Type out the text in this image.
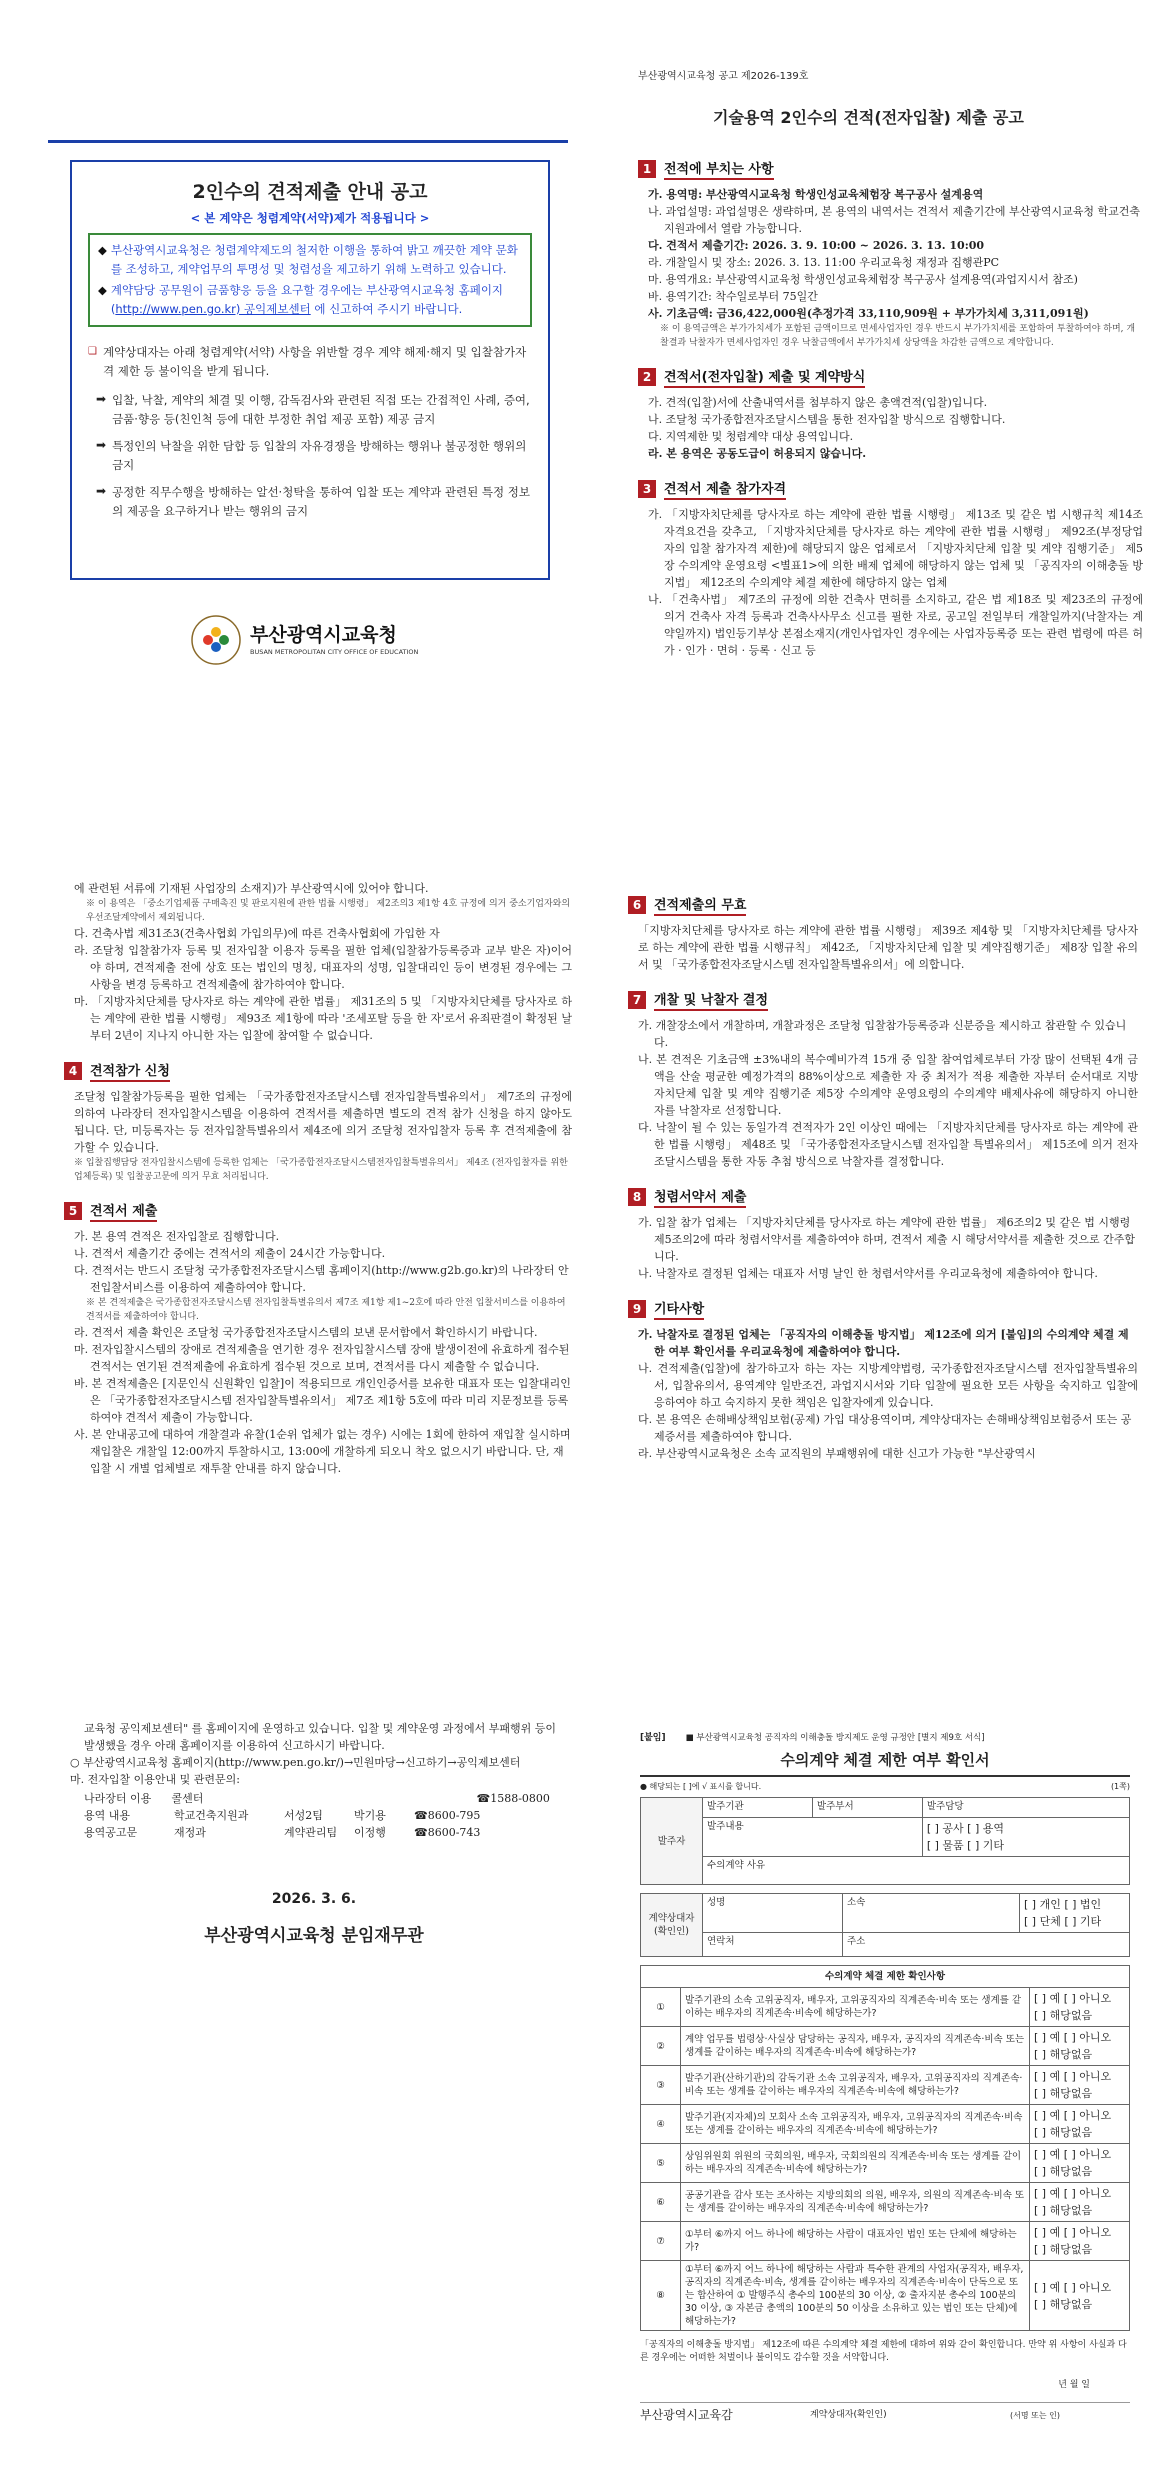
2인수의 견적제출 안내 공고
< 본 계약은 청렴계약(서약)제가 적용됩니다 >
◆ 부산광역시교육청은 청렴계약제도의 철저한 이행을 통하여 밝고 깨끗한 계약 문화를 조성하고, 계약업무의 투명성 및 청렴성을 제고하기 위해 노력하고 있습니다.
◆ 계약담당 공무원이 금품향응 등을 요구할 경우에는 부산광역시교육청 홈페이지(http://www.pen.go.kr) 공익제보센터 에 신고하여 주시기 바랍니다.
❑ 계약상대자는 아래 청렴계약(서약) 사항을 위반할 경우 계약 해제·해지 및 입찰참가자격 제한 등 불이익을 받게 됩니다.
➡ 입찰, 낙찰, 계약의 체결 및 이행, 감독검사와 관련된 직접 또는 간접적인 사례, 증여, 금품·향응 등(친인척 등에 대한 부정한 취업 제공 포함) 제공 금지
➡ 특정인의 낙찰을 위한 담합 등 입찰의 자유경쟁을 방해하는 행위나 불공정한 행위의 금지
➡ 공정한 직무수행을 방해하는 알선·청탁을 통하여 입찰 또는 계약과 관련된 특정 정보의 제공을 요구하거나 받는 행위의 금지
부산광역시교육청
BUSAN METROPOLITAN CITY OFFICE OF EDUCATION
부산광역시교육청 공고 제2026-139호
기술용역 2인수의 견적(전자입찰) 제출 공고
1 전적에 부치는 사항

가. 용역명: 부산광역시교육청 학생인성교육체험장 복구공사 설계용역

나. 과업설명: 과업설명은 생략하며, 본 용역의 내역서는 견적서 제출기간에 부산광역시교육청 학교건축지원과에서 열람 가능합니다.

다. 견적서 제출기간: 2026. 3. 9. 10:00 ~ 2026. 3. 13. 10:00

라. 개찰일시 및 장소: 2026. 3. 13. 11:00 우리교육청 재정과 집행관PC

마. 용역개요: 부산광역시교육청 학생인성교육체험장 복구공사 설계용역(과업지시서 참조)

바. 용역기간: 착수일로부터 75일간

사. 기초금액: 금36,422,000원(추정가격 33,110,909원 + 부가가치세 3,311,091원)

※ 이 용역금액은 부가가치세가 포함된 금액이므로 면세사업자인 경우 반드시 부가가치세를 포함하여 투찰하여야 하며, 개찰결과 낙찰자가 면세사업자인 경우 낙찰금액에서 부가가치세 상당액을 차감한 금액으로 계약합니다.

2 견적서(전자입찰) 제출 및 계약방식

가. 견적(입찰)서에 산출내역서를 첨부하지 않은 총액견적(입찰)입니다.

나. 조달청 국가종합전자조달시스템을 통한 전자입찰 방식으로 집행합니다.

다. 지역제한 및 청렴계약 대상 용역입니다.

라. 본 용역은 공동도급이 허용되지 않습니다.

3 견적서 제출 참가자격

가. 「지방자치단체를 당사자로 하는 계약에 관한 법률 시행령」 제13조 및 같은 법 시행규칙 제14조 자격요건을 갖추고, 「지방자치단체를 당사자로 하는 계약에 관한 법률 시행령」 제92조(부정당업자의 입찰 참가자격 제한)에 해당되지 않은 업체로서 「지방자치단체 입찰 및 계약 집행기준」 제5장 수의계약 운영요령 <별표1>에 의한 배제 업체에 해당하지 않는 업체 및 「공직자의 이해충돌 방지법」 제12조의 수의계약 체결 제한에 해당하지 않는 업체

나. 「건축사법」 제7조의 규정에 의한 건축사 면허를 소지하고, 같은 법 제18조 및 제23조의 규정에 의거 건축사 자격 등록과 건축사사무소 신고를 필한 자로, 공고일 전일부터 개찰일까지(낙찰자는 계약일까지) 법인등기부상 본점소재지(개인사업자인 경우에는 사업자등록증 또는 관련 법령에 따른 허가 · 인가 · 면허 · 등록 · 신고 등

에 관련된 서류에 기재된 사업장의 소재지)가 부산광역시에 있어야 합니다.

※ 이 용역은 「중소기업제품 구매촉진 및 판로지원에 관한 법률 시행령」 제2조의3 제1항 4호 규정에 의거 중소기업자와의 우선조달계약에서 제외됩니다.

다. 건축사법 제31조3(건축사협회 가입의무)에 따른 건축사협회에 가입한 자

라. 조달청 입찰참가자 등록 및 전자입찰 이용자 등록을 필한 업체(입찰참가등록증과 교부 받은 자)이어야 하며, 견적제출 전에 상호 또는 법인의 명칭, 대표자의 성명, 입찰대리인 등이 변경된 경우에는 그 사항을 변경 등록하고 견적제출에 참가하여야 합니다.

마. 「지방자치단체를 당사자로 하는 계약에 관한 법률」 제31조의 5 및 「지방자치단체를 당사자로 하는 계약에 관한 법률 시행령」 제93조 제1항에 따라 '조세포탈 등을 한 자'로서 유죄판결이 확정된 날부터 2년이 지나지 아니한 자는 입찰에 참여할 수 없습니다.

4 견적참가 신청

조달청 입찰참가등록을 필한 업체는 「국가종합전자조달시스템 전자입찰특별유의서」 제7조의 규정에 의하여 나라장터 전자입찰시스템을 이용하여 견적서를 제출하면 별도의 견적 참가 신청을 하지 않아도 됩니다. 단, 미등록자는 등 전자입찰특별유의서 제4조에 의거 조달청 전자입찰자 등록 후 견적제출에 참가할 수 있습니다.

※ 입찰집행담당 전자입찰시스템에 등록한 업체는 「국가종합전자조달시스템전자입찰특별유의서」 제4조 (전자입찰자를 위한 업체등록) 및 입찰공고문에 의거 무효 처리됩니다.

5 견적서 제출

가. 본 용역 견적은 전자입찰로 집행합니다.

나. 견적서 제출기간 중에는 견적서의 제출이 24시간 가능합니다.

다. 견적서는 반드시 조달청 국가종합전자조달시스템 홈페이지(http://www.g2b.go.kr)의 나라장터 안전입찰서비스를 이용하여 제출하여야 합니다.

※ 본 견적제출은 국가종합전자조달시스템 전자입찰특별유의서 제7조 제1항 제1~2호에 따라 안전 입찰서비스를 이용하여 견적서를 제출하여야 합니다.

라. 견적서 제출 확인은 조달청 국가종합전자조달시스템의 보낸 문서함에서 확인하시기 바랍니다.

마. 전자입찰시스템의 장애로 견적제출을 연기한 경우 전자입찰시스템 장애 발생이전에 유효하게 접수된 견적서는 연기된 견적제출에 유효하게 접수된 것으로 보며, 견적서를 다시 제출할 수 없습니다.

바. 본 견적제출은 [지문인식 신원확인 입찰]이 적용되므로 개인인증서를 보유한 대표자 또는 입찰대리인은 「국가종합전자조달시스템 전자입찰특별유의서」 제7조 제1항 5호에 따라 미리 지문정보를 등록하여야 견적서 제출이 가능합니다.

사. 본 안내공고에 대하여 개찰결과 유찰(1순위 업체가 없는 경우) 시에는 1회에 한하여 재입찰 실시하며 재입찰은 개찰일 12:00까지 투찰하시고, 13:00에 개찰하게 되오니 착오 없으시기 바랍니다. 단, 재입찰 시 개별 업체별로 재투찰 안내를 하지 않습니다.

6 견적제출의 무효

「지방자치단체를 당사자로 하는 계약에 관한 법률 시행령」 제39조 제4항 및 「지방자치단체를 당사자로 하는 계약에 관한 법률 시행규칙」 제42조, 「지방자치단체 입찰 및 계약집행기준」 제8장 입찰 유의서 및 「국가종합전자조달시스템 전자입찰특별유의서」에 의합니다.

7 개찰 및 낙찰자 결정

가. 개찰장소에서 개찰하며, 개찰과정은 조달청 입찰참가등록증과 신분증을 제시하고 참관할 수 있습니다.

나. 본 견적은 기초금액 ±3%내의 복수예비가격 15개 중 입찰 참여업체로부터 가장 많이 선택된 4개 금액을 산술 평균한 예정가격의 88%이상으로 제출한 자 중 최저가 적용 제출한 자부터 순서대로 지방자치단체 입찰 및 계약 집행기준 제5장 수의계약 운영요령의 수의계약 배제사유에 해당하지 아니한 자를 낙찰자로 선정합니다.

다. 낙찰이 될 수 있는 동일가격 견적자가 2인 이상인 때에는 「지방자치단체를 당사자로 하는 계약에 관한 법률 시행령」 제48조 및 「국가종합전자조달시스템 전자입찰 특별유의서」 제15조에 의거 전자조달시스템을 통한 자동 추첨 방식으로 낙찰자를 결정합니다.

8 청렴서약서 제출

가. 입찰 참가 업체는 「지방자치단체를 당사자로 하는 계약에 관한 법률」 제6조의2 및 같은 법 시행령 제5조의2에 따라 청렴서약서를 제출하여야 하며, 견적서 제출 시 해당서약서를 제출한 것으로 간주합니다.

나. 낙찰자로 결정된 업체는 대표자 서명 날인 한 청렴서약서를 우리교육청에 제출하여야 합니다.

9 기타사항

가. 낙찰자로 결정된 업체는 「공직자의 이해충돌 방지법」 제12조에 의거 [붙임]의 수의계약 체결 제한 여부 확인서를 우리교육청에 제출하여야 합니다.

나. 견적제출(입찰)에 참가하고자 하는 자는 지방계약법령, 국가종합전자조달시스템 전자입찰특별유의서, 입찰유의서, 용역계약 일반조건, 과업지시서와 기타 입찰에 필요한 모든 사항을 숙지하고 입찰에 응하여야 하고 숙지하지 못한 책임은 입찰자에게 있습니다.

다. 본 용역은 손해배상책임보험(공제) 가입 대상용역이며, 계약상대자는 손해배상책임보험증서 또는 공제증서를 제출하여야 합니다.

라. 부산광역시교육청은 소속 교직원의 부패행위에 대한 신고가 가능한 "부산광역시

교육청 공익제보센터" 를 홈페이지에 운영하고 있습니다. 입찰 및 계약운영 과정에서 부패행위 등이 발생했을 경우 아래 홈페이지를 이용하여 신고하시기 바랍니다.

○ 부산광역시교육청 홈페이지(http://www.pen.go.kr/)→민원마당→신고하기→공익제보센터

마. 전자입찰 이용안내 및 관련문의:

나라장터 이용	콜센터	☎1588-0800
용역 내용	학교건축지원과	서성2팀	박기용	☎8600-795
용역공고문	재정과	계약관리팀	이정행	☎8600-743
2026. 3. 6.
부산광역시교육청 분임재무관
[붙임] ■ 부산광역시교육청 공직자의 이해충돌 방지제도 운영 규정안 [별지 제9호 서식]
수의계약 체결 제한 여부 확인서
● 해당되는 [ ]에 √ 표시를 합니다.	(1쪽)
발주자	발주기관	발주부서	발주담당
	발주내용		[ ] 공사 [ ] 용역
[ ] 물품 [ ] 기타

	수의계약 사유		
계약상대자 (확인인)	성명	소속	[ ] 개인 [ ] 법인
[ ] 단체 [ ] 기타

	연락처	주소	
수의계약 체결 제한 확인사항		
①	발주기관의 소속 고위공직자, 배우자, 고위공직자의 직계존속·비속 또는 생계를 같이하는 배우자의 직계존속·비속에 해당하는가?	[ ] 예 [ ] 아니오
[ ] 해당없음

②	계약 업무를 법령상·사실상 담당하는 공직자, 배우자, 공직자의 직계존속·비속 또는 생계를 같이하는 배우자의 직계존속·비속에 해당하는가?	[ ] 예 [ ] 아니오
[ ] 해당없음

③	발주기관(산하기관)의 감독기관 소속 고위공직자, 배우자, 고위공직자의 직계존속·비속 또는 생계를 같이하는 배우자의 직계존속·비속에 해당하는가?	[ ] 예 [ ] 아니오
[ ] 해당없음

④	발주기관(지자체)의 모회사 소속 고위공직자, 배우자, 고위공직자의 직계존속·비속 또는 생계를 같이하는 배우자의 직계존속·비속에 해당하는가?	[ ] 예 [ ] 아니오
[ ] 해당없음

⑤	상임위원회 위원의 국회의원, 배우자, 국회의원의 직계존속·비속 또는 생계를 같이하는 배우자의 직계존속·비속에 해당하는가?	[ ] 예 [ ] 아니오
[ ] 해당없음

⑥	공공기관을 감사 또는 조사하는 지방의회의 의원, 배우자, 의원의 직계존속·비속 또는 생계를 같이하는 배우자의 직계존속·비속에 해당하는가?	[ ] 예 [ ] 아니오
[ ] 해당없음

⑦	①부터 ⑥까지 어느 하나에 해당하는 사람이 대표자인 법인 또는 단체에 해당하는가?	[ ] 예 [ ] 아니오
[ ] 해당없음

⑧	①부터 ⑥까지 어느 하나에 해당하는 사람과 특수한 관계의 사업자(공직자, 배우자, 공직자의 직계존속·비속, 생계를 같이하는 배우자의 직계존속·비속이 단독으로 또는 합산하여 ① 발행주식 총수의 100분의 30 이상, ② 출자지분 총수의 100분의 30 이상, ③ 자본금 총액의 100분의 50 이상을 소유하고 있는 법인 또는 단체)에 해당하는가?	[ ] 예 [ ] 아니오
[ ] 해당없음
「공직자의 이해충돌 방지법」 제12조에 따른 수의계약 체결 제한에 대하여 위와 같이 확인합니다. 만약 위 사항이 사실과 다른 경우에는 어떠한 처벌이나 불이익도 감수할 것을 서약합니다.
년 월 일
부산광역시교육감	계약상대자(확인인)	(서명 또는 인)
